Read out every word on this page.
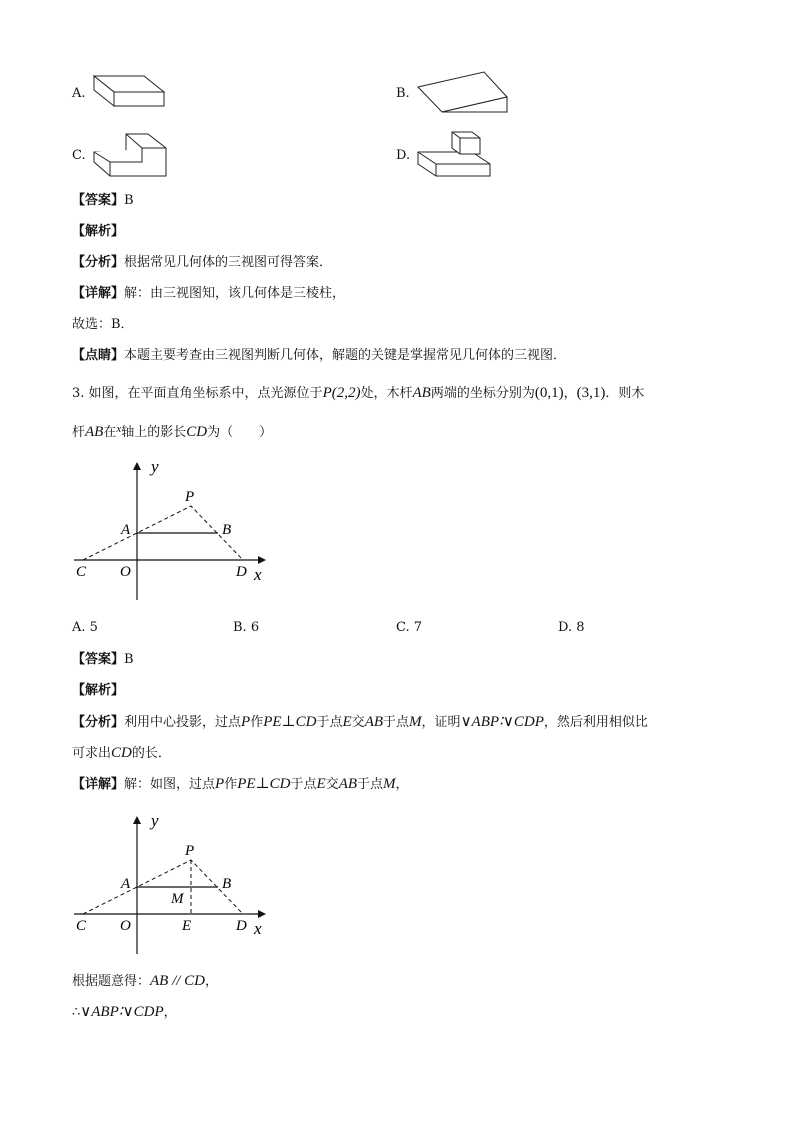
A.	B.
C.	D.
【答案】B
【解析】
【分析】根据常见几何体的三视图可得答案．
【详解】解：由三视图知，该几何体是三棱柱，
故选：B．
【点睛】本题主要考查由三视图判断几何体，解题的关键是掌握常见几何体的三视图．
3. 如图，在平面直角坐标系中，点光源位于P(2,2)处，木杆AB两端的坐标分别为(0,1)，(3,1)．则木
杆AB在$^x$轴上的影长CD为（　　）
y
x
P
A	B
C O	D
A. 5	B. 6	C. 7	D. 8
【答案】B
【解析】
【分析】利用中心投影，过点P作PE⊥CD于点E交AB于点M，证明∨ABP∶∨CDP，然后利用相似比
可求出CD的长．
【详解】解：如图，过点P作PE⊥CD于点E交AB于点M，
y
x
P
A	B
M
C O	E	D
根据题意得：AB // CD，
∴∨ABP∶∨CDP，
